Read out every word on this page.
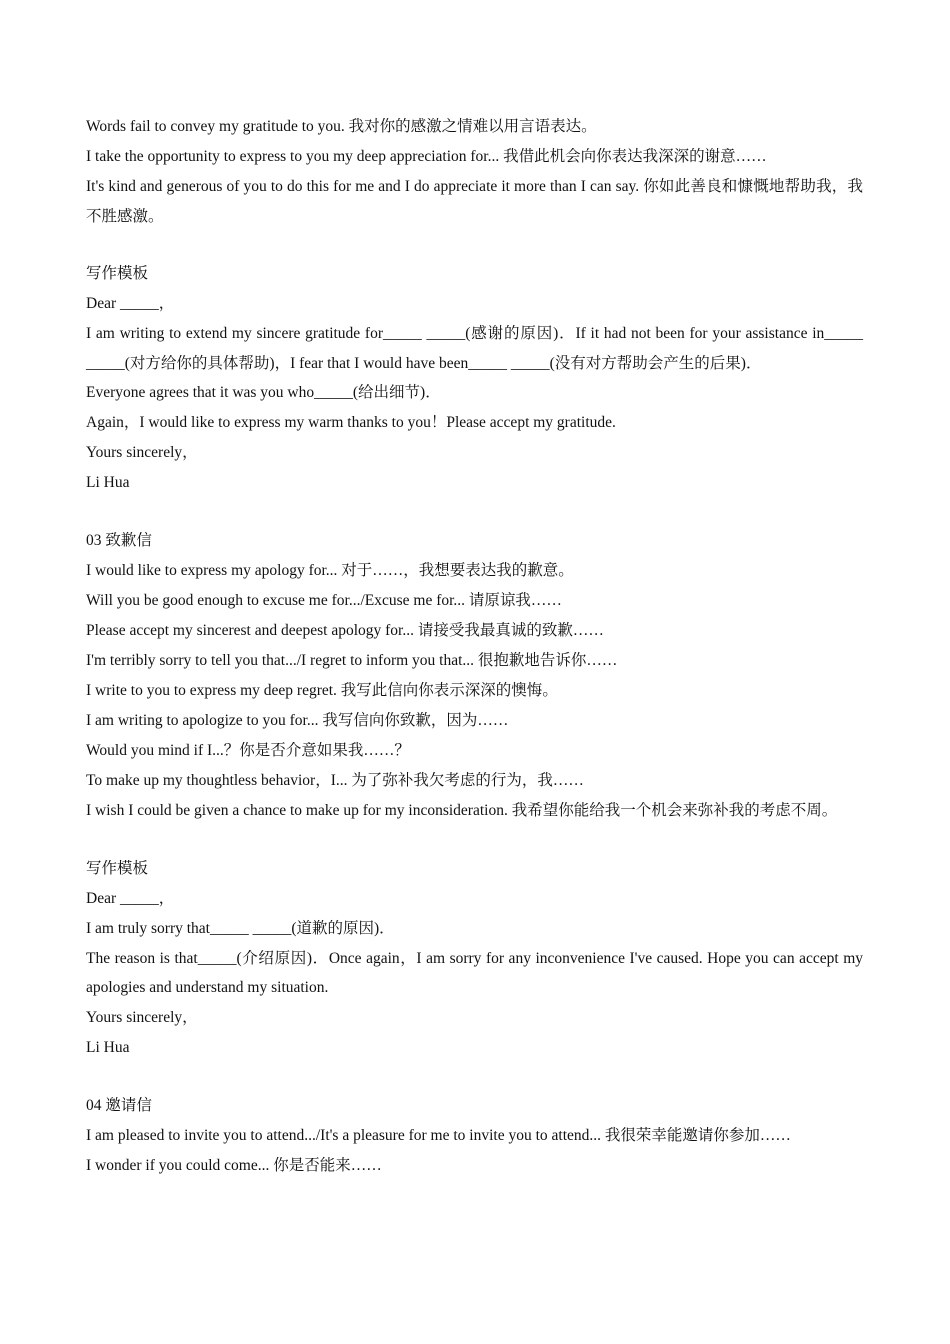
Words fail to convey my gratitude to you. 我对你的感激之情难以用言语表达。
I take the opportunity to express to you my deep appreciation for... 我借此机会向你表达我深深的谢意……
It's kind and generous of you to do this for me and I do appreciate it more than I can say. 你如此善良和慷慨地帮助我，我不胜感激。
写作模板
Dear _____，
I am writing to extend my sincere gratitude for_____ _____(感谢的原因)．If it had not been for your assistance in_____ _____(对方给你的具体帮助)，I fear that I would have been_____ _____(没有对方帮助会产生的后果)．
Everyone agrees that it was you who_____(给出细节)．
Again，I would like to express my warm thanks to you！Please accept my gratitude.
Yours sincerely，
Li Hua
03 致歉信
I would like to express my apology for... 对于……，我想要表达我的歉意。
Will you be good enough to excuse me for.../Excuse me for... 请原谅我……
Please accept my sincerest and deepest apology for... 请接受我最真诚的致歉……
I'm terribly sorry to tell you that.../I regret to inform you that... 很抱歉地告诉你……
I write to you to express my deep regret. 我写此信向你表示深深的懊悔。
I am writing to apologize to you for... 我写信向你致歉，因为……
Would you mind if I...？你是否介意如果我……？
To make up my thoughtless behavior，I... 为了弥补我欠考虑的行为，我……
I wish I could be given a chance to make up for my inconsideration. 我希望你能给我一个机会来弥补我的考虑不周。
写作模板
Dear _____，
I am truly sorry that_____ _____(道歉的原因)．
The reason is that_____(介绍原因)．Once again，I am sorry for any inconvenience I've caused. Hope you can accept my apologies and understand my situation.
Yours sincerely，
Li Hua
04 邀请信
I am pleased to invite you to attend.../It's a pleasure for me to invite you to attend... 我很荣幸能邀请你参加……
I wonder if you could come... 你是否能来……
